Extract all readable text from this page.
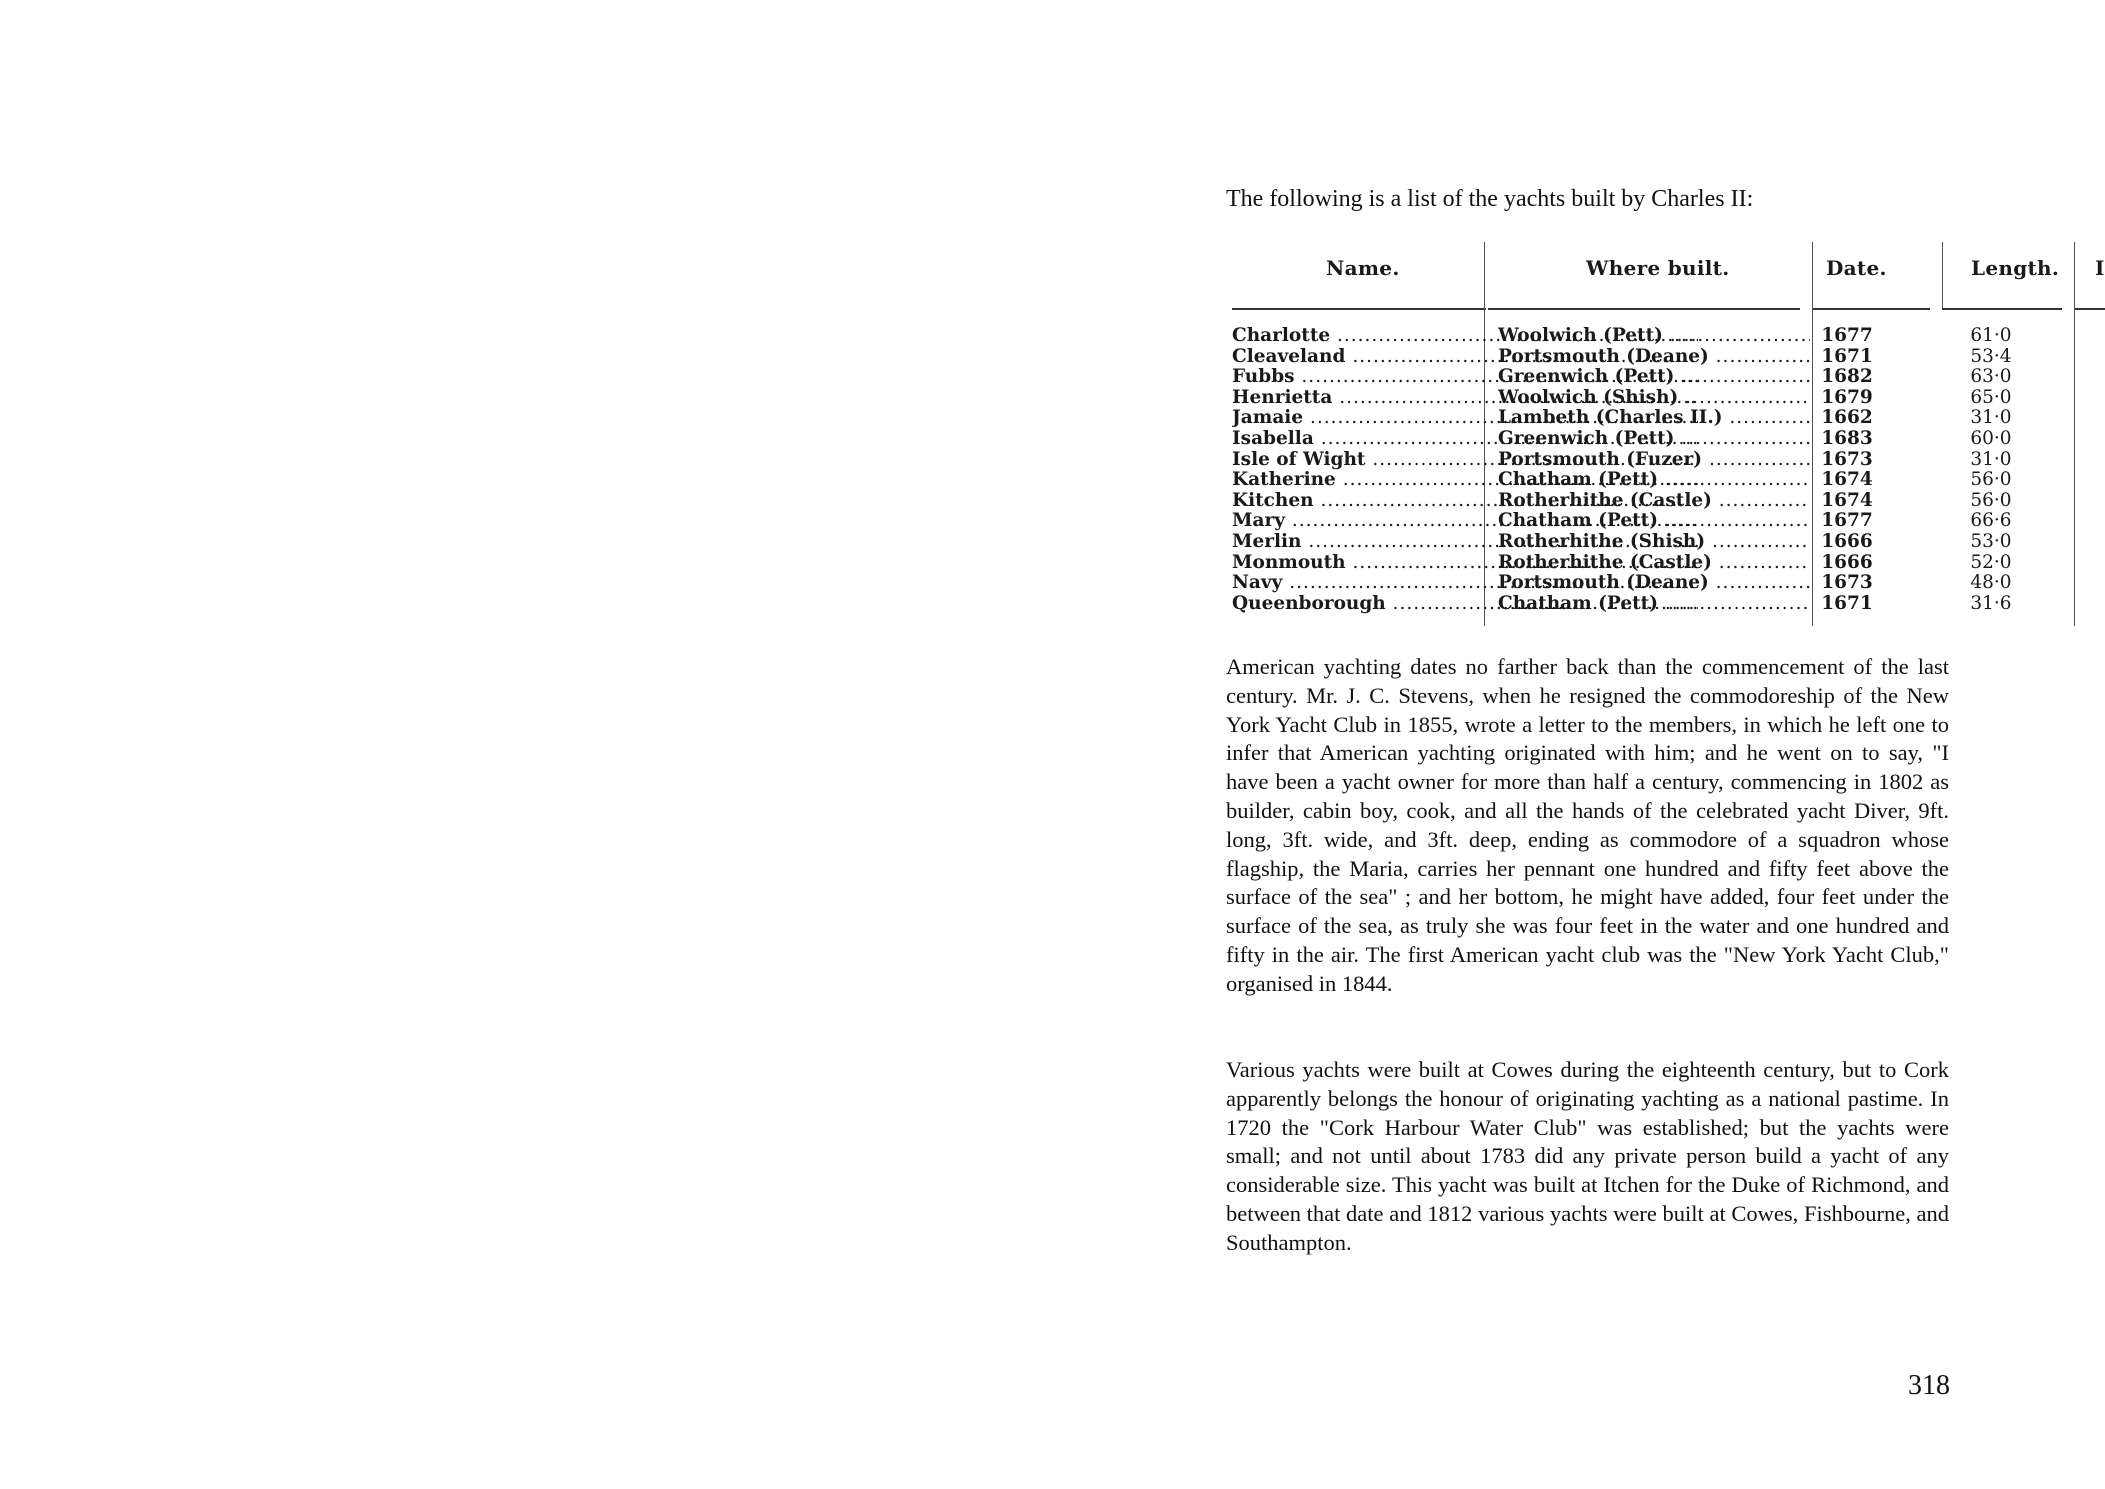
The following is a list of the yachts built by Charles II:
Name.	Where built.	Date.	Length. I
Charlotte .....	Woolwich (Pett) .....	1677	61·0
Cleaveland .....	Portsmouth (Deane) .....	1671	53·4
Fubbs .....	Greenwich (Pett) .....	1682	63·0
Henrietta .....	Woolwich (Shish) .....	1679	65·0
Jamaie .....	Lambeth (Charles II.) .....	1662	31·0
Isabella .....	Greenwich (Pett) .....	1683	60·0
Isle of Wight .....	Portsmouth (Fuzer) .....	1673	31·0
Katherine .....	Chatham (Pett) .....	1674	56·0
Kitchen .....	Rotherhithe (Castle) .....	1674	56·0
Mary .....	Chatham (Pett) .....	1677	66·6
Merlin .....	Rotherhithe (Shish) .....	1666	53·0
Monmouth .....	Rotherhithe (Castle) .....	1666	52·0
Navy .....	Portsmouth (Deane) .....	1673	48·0
Queenborough .....	Chatham (Pett) .....	1671	31·6

American yachting dates no farther back than the commencement of the last century. Mr. J. C. Stevens, when he resigned the commodoreship of the New York Yacht Club in 1855, wrote a letter to the members, in which he left one to infer that American yachting originated with him; and he went on to say, "I have been a yacht owner for more than half a century, commencing in 1802 as builder, cabin boy, cook, and all the hands of the celebrated yacht Diver, 9ft. long, 3ft. wide, and 3ft. deep, ending as commodore of a squadron whose flagship, the Maria, carries her pennant one hundred and fifty feet above the surface of the sea" ; and her bottom, he might have added, four feet under the surface of the sea, as truly she was four feet in the water and one hundred and fifty in the air. The first American yacht club was the "New York Yacht Club," organised in 1844.

Various yachts were built at Cowes during the eighteenth century, but to Cork apparently belongs the honour of originating yachting as a national pastime. In 1720 the "Cork Harbour Water Club" was established; but the yachts were small; and not until about 1783 did any private person build a yacht of any considerable size. This yacht was built at Itchen for the Duke of Richmond, and between that date and 1812 various yachts were built at Cowes, Fishbourne, and Southampton.

318
